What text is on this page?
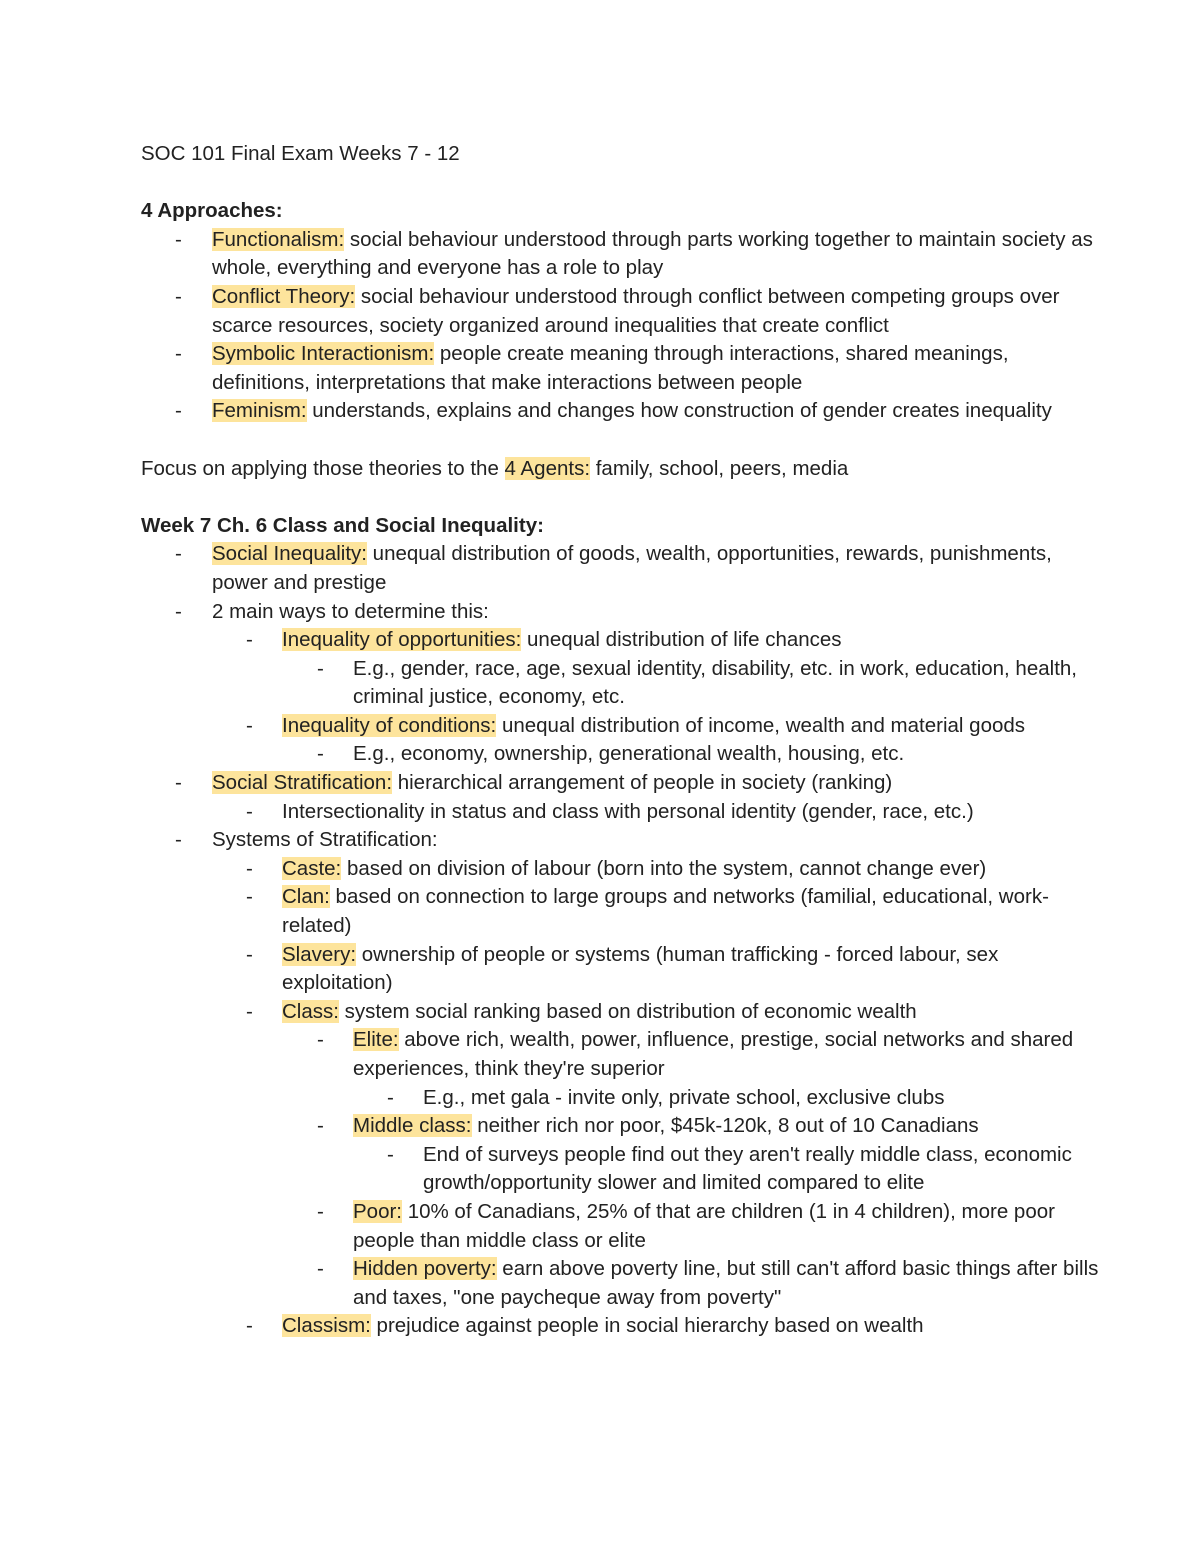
SOC 101 Final Exam Weeks 7 - 12
4 Approaches:
- Functionalism: social behaviour understood through parts working together to maintain society as whole, everything and everyone has a role to play
- Conflict Theory: social behaviour understood through conflict between competing groups over scarce resources, society organized around inequalities that create conflict
- Symbolic Interactionism: people create meaning through interactions, shared meanings, definitions, interpretations that make interactions between people
- Feminism: understands, explains and changes how construction of gender creates inequality
Focus on applying those theories to the 4 Agents: family, school, peers, media
Week 7 Ch. 6 Class and Social Inequality:
- Social Inequality: unequal distribution of goods, wealth, opportunities, rewards, punishments, power and prestige
- 2 main ways to determine this:
- Inequality of opportunities: unequal distribution of life chances
- E.g., gender, race, age, sexual identity, disability, etc. in work, education, health, criminal justice, economy, etc.
- Inequality of conditions: unequal distribution of income, wealth and material goods
- E.g., economy, ownership, generational wealth, housing, etc.
- Social Stratification: hierarchical arrangement of people in society (ranking)
- Intersectionality in status and class with personal identity (gender, race, etc.)
- Systems of Stratification:
- Caste: based on division of labour (born into the system, cannot change ever)
- Clan: based on connection to large groups and networks (familial, educational, work-related)
- Slavery: ownership of people or systems (human trafficking - forced labour, sex exploitation)
- Class: system social ranking based on distribution of economic wealth
- Elite: above rich, wealth, power, influence, prestige, social networks and shared experiences, think they're superior
- E.g., met gala - invite only, private school, exclusive clubs
- Middle class: neither rich nor poor, $45k-120k, 8 out of 10 Canadians
- End of surveys people find out they aren't really middle class, economic growth/opportunity slower and limited compared to elite
- Poor: 10% of Canadians, 25% of that are children (1 in 4 children), more poor people than middle class or elite
- Hidden poverty: earn above poverty line, but still can't afford basic things after bills and taxes, "one paycheque away from poverty"
- Classism: prejudice against people in social hierarchy based on wealth
